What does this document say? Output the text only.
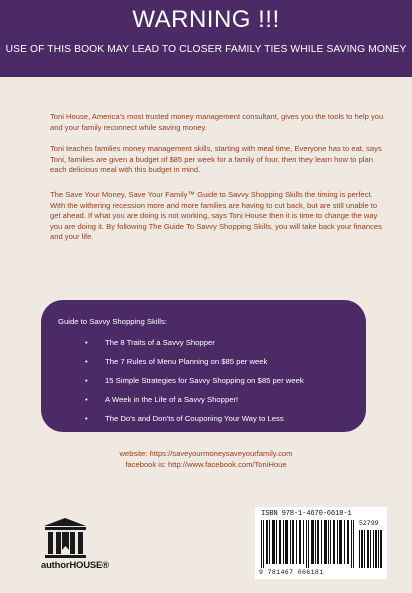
WARNING !!!
USE OF THIS BOOK MAY LEAD TO CLOSER FAMILY TIES WHILE SAVING MONEY

Toni House, America's most trusted money management consultant, gives you the tools to help you and your family reconnect while saving money.

Toni teaches families money management skills, starting with meal time, Everyone has to eat, says Toni, families are given a budget of $85 per week for a family of four, then they learn how to plan each delicious meal with this budget in mind.

The Save Your Money, Save Your Family™ Guide to Savvy Shopping Skills the timing is perfect. With the withering recession more and more families are having to cut back, but are still unable to get ahead. If what you are doing is not working, says Toni House then it is time to change the way you are doing it. By following The Guide To Savvy Shopping Skills, you will take back your finances and your life.

Guide to Savvy Shopping Skills:
• The 8 Traits of a Savvy Shopper
• The 7 Rules of Menu Planning on $85 per week
• 15 Simple Strategies for Savvy Shopping on $85 per week
• A Week in the Life of a Savvy Shopper!
• The Do's and Don'ts of Couponing Your Way to Less
website: https://saveyourmoneysaveyourfamily.com
facebook is: http://www.facebook.com/ToniHoue
authorHOUSE®
ISBN 978-1-4670-6618-1
9 781467 066181
52799
